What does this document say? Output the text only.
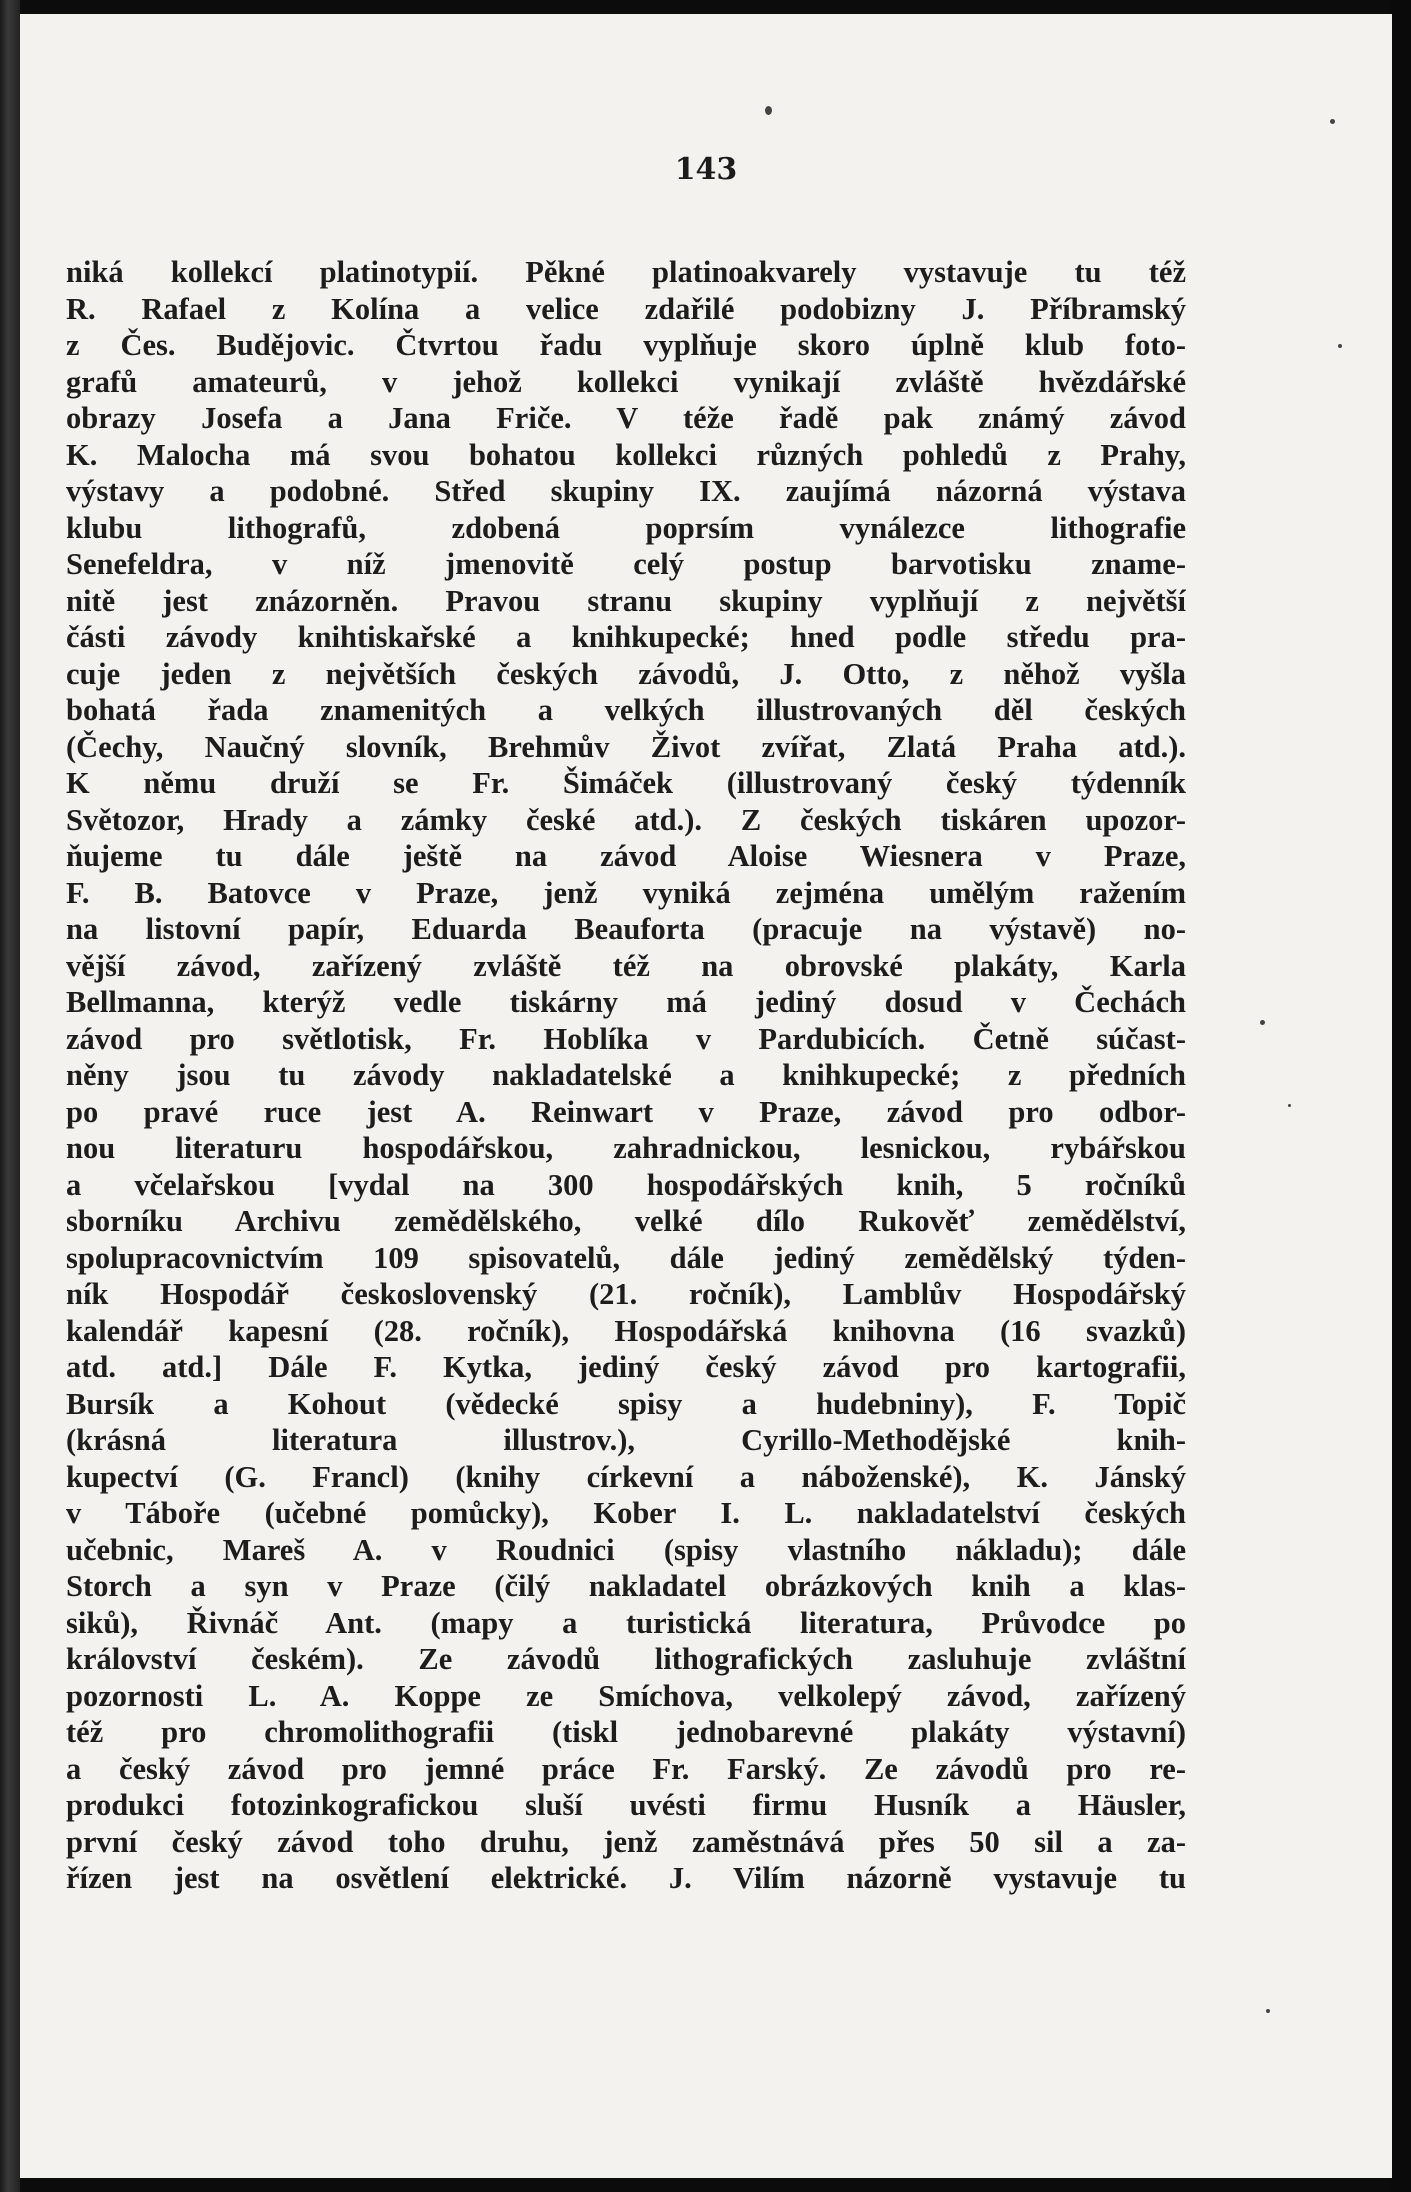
143
niká kollekcí platinotypií. Pěkné platinoakvarely vystavuje tu též
R. Rafael z Kolína a velice zdařilé podobizny J. Příbramský
z Čes. Budějovic. Čtvrtou řadu vyplňuje skoro úplně klub foto-
grafů amateurů, v jehož kollekci vynikají zvláště hvězdářské
obrazy Josefa a Jana Friče. V téže řadě pak známý závod
K. Malocha má svou bohatou kollekci různých pohledů z Prahy,
výstavy a podobné. Střed skupiny IX. zaujímá názorná výstava
klubu lithografů, zdobená poprsím vynálezce lithografie
Senefeldra, v níž jmenovitě celý postup barvotisku zname-
nitě jest znázorněn. Pravou stranu skupiny vyplňují z největší
části závody knihtiskařské a knihkupecké; hned podle středu pra-
cuje jeden z největších českých závodů, J. Otto, z něhož vyšla
bohatá řada znamenitých a velkých illustrovaných děl českých
(Čechy, Naučný slovník, Brehmův Život zvířat, Zlatá Praha atd.).
K němu druží se Fr. Šimáček (illustrovaný český týdenník
Světozor, Hrady a zámky české atd.). Z českých tiskáren upozor-
ňujeme tu dále ještě na závod Aloise Wiesnera v Praze,
F. B. Batovce v Praze, jenž vyniká zejména umělým ražením
na listovní papír, Eduarda Beauforta (pracuje na výstavě) no-
vější závod, zařízený zvláště též na obrovské plakáty, Karla
Bellmanna, kterýž vedle tiskárny má jediný dosud v Čechách
závod pro světlotisk, Fr. Hoblíka v Pardubicích. Četně súčast-
něny jsou tu závody nakladatelské a knihkupecké; z předních
po pravé ruce jest A. Reinwart v Praze, závod pro odbor-
nou literaturu hospodářskou, zahradnickou, lesnickou, rybářskou
a včelařskou [vydal na 300 hospodářských knih, 5 ročníků
sborníku Archivu zemědělského, velké dílo Rukověť zemědělství,
spolupracovnictvím 109 spisovatelů, dále jediný zemědělský týden-
ník Hospodář československý (21. ročník), Lamblův Hospodářský
kalendář kapesní (28. ročník), Hospodářská knihovna (16 svazků)
atd. atd.] Dále F. Kytka, jediný český závod pro kartografii,
Bursík a Kohout (vědecké spisy a hudebniny), F. Topič
(krásná literatura illustrov.), Cyrillo-Methodějské knih-
kupectví (G. Francl) (knihy církevní a náboženské), K. Jánský
v Táboře (učebné pomůcky), Kober I. L. nakladatelství českých
učebnic, Mareš A. v Roudnici (spisy vlastního nákladu); dále
Storch a syn v Praze (čilý nakladatel obrázkových knih a klas-
siků), Řivnáč Ant. (mapy a turistická literatura, Průvodce po
království českém). Ze závodů lithografických zasluhuje zvláštní
pozornosti L. A. Koppe ze Smíchova, velkolepý závod, zařízený
též pro chromolithografii (tiskl jednobarevné plakáty výstavní)
a český závod pro jemné práce Fr. Farský. Ze závodů pro re-
produkci fotozinkografickou sluší uvésti firmu Husník a Häusler,
první český závod toho druhu, jenž zaměstnává přes 50 sil a za-
řízen jest na osvětlení elektrické. J. Vilím názorně vystavuje tu
